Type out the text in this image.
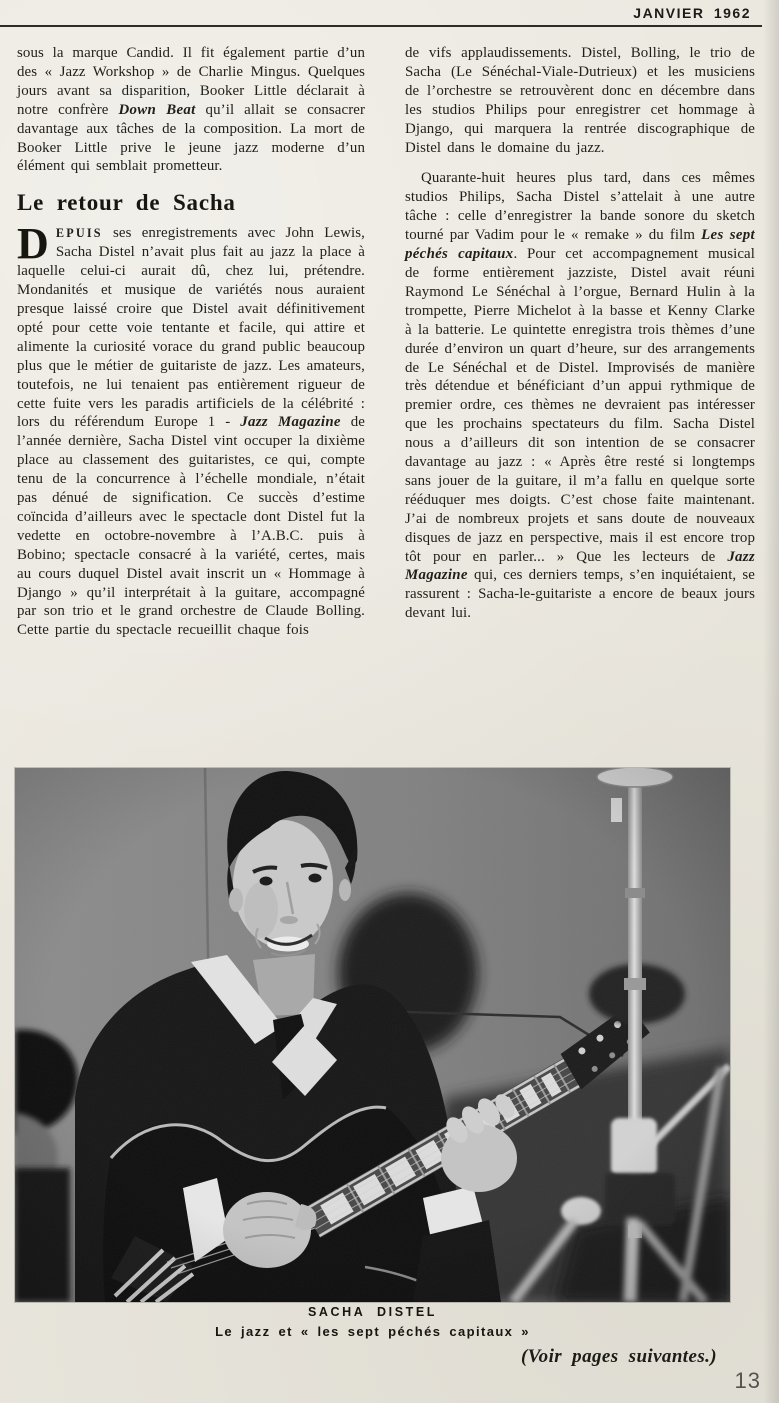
JANVIER 1962

sous la marque Candid. Il fit également partie d’un des « Jazz Workshop » de Charlie Mingus. Quelques jours avant sa disparition, Booker Little déclarait à notre confrère Down Beat qu’il allait se consacrer davantage aux tâches de la composition. La mort de Booker Little prive le jeune jazz moderne d’un élément qui semblait prometteur.

Le retour de Sacha

DEPUIS ses enregistrements avec John Lewis, Sacha Distel n’avait plus fait au jazz la place à laquelle celui-ci aurait dû, chez lui, prétendre. Mondanités et musique de variétés nous auraient presque laissé croire que Distel avait définitivement opté pour cette voie tentante et facile, qui attire et alimente la curiosité vorace du grand public beaucoup plus que le métier de guitariste de jazz. Les amateurs, toutefois, ne lui tenaient pas entièrement rigueur de cette fuite vers les paradis artificiels de la célébrité : lors du référendum Europe 1 - Jazz Magazine de l’année dernière, Sacha Distel vint occuper la dixième place au classement des guitaristes, ce qui, compte tenu de la concurrence à l’échelle mondiale, n’était pas dénué de signification. Ce succès d’estime coïncida d’ailleurs avec le spectacle dont Distel fut la vedette en octobre-novembre à l’A.B.C. puis à Bobino; spectacle consacré à la variété, certes, mais au cours duquel Distel avait inscrit un « Hommage à Django » qu’il interprétait à la guitare, accompagné par son trio et le grand orchestre de Claude Bolling. Cette partie du spectacle recueillit chaque fois

de vifs applaudissements. Distel, Bolling, le trio de Sacha (Le Sénéchal-Viale-Dutrieux) et les musiciens de l’orchestre se retrouvèrent donc en décembre dans les studios Philips pour enregistrer cet hommage à Django, qui marquera la rentrée discographique de Distel dans le domaine du jazz.

Quarante-huit heures plus tard, dans ces mêmes studios Philips, Sacha Distel s’attelait à une autre tâche : celle d’enregistrer la bande sonore du sketch tourné par Vadim pour le « remake » du film Les sept péchés capitaux. Pour cet accompagnement musical de forme entièrement jazziste, Distel avait réuni Raymond Le Sénéchal à l’orgue, Bernard Hulin à la trompette, Pierre Michelot à la basse et Kenny Clarke à la batterie. Le quintette enregistra trois thèmes d’une durée d’environ un quart d’heure, sur des arrangements de Le Sénéchal et de Distel. Improvisés de manière très détendue et bénéficiant d’un appui rythmique de premier ordre, ces thèmes ne devraient pas intéresser que les prochains spectateurs du film. Sacha Distel nous a d’ailleurs dit son intention de se consacrer davantage au jazz : « Après être resté si longtemps sans jouer de la guitare, il m’a fallu en quelque sorte rééduquer mes doigts. C’est chose faite maintenant. J’ai de nombreux projets et sans doute de nouveaux disques de jazz en perspective, mais il est encore trop tôt pour en parler... » Que les lecteurs de Jazz Magazine qui, ces derniers temps, s’en inquiétaient, se rassurent : Sacha-le-guitariste a encore de beaux jours devant lui.

SACHA DISTEL
Le jazz et « les sept péchés capitaux »
(Voir pages suivantes.)
13
